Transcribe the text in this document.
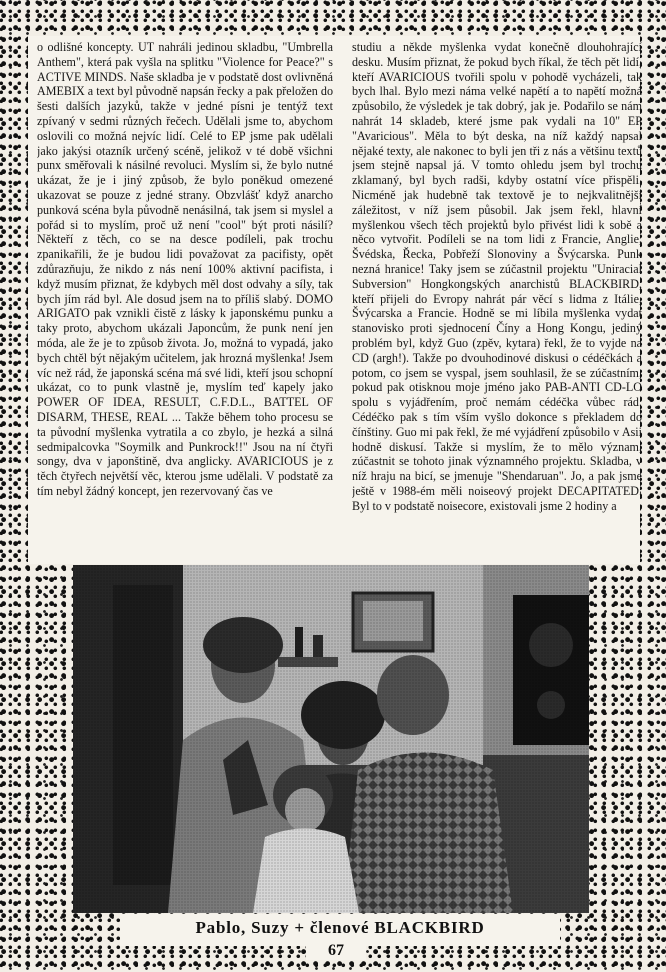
o odlišné koncepty. UT nahráli jedinou skladbu, "Umbrella Anthem", která pak vyšla na splitku "Violence for Peace?" s ACTIVE MINDS. Naše skladba je v podstatě dost ovlivněná AMEBIX a text byl původně napsán řecky a pak přeložen do šesti dalších jazyků, takže v jedné písni je tentýž text zpívaný v sedmi různých řečech. Udělali jsme to, abychom oslovili co možná nejvíc lidí. Celé to EP jsme pak udělali jako jakýsi otazník určený scéně, jelikož v té době všichni punx směřovali k násilné revoluci. Myslím si, že bylo nutné ukázat, že je i jiný způsob, že bylo poněkud omezené ukazovat se pouze z jedné strany. Obzvlášť když anarcho punková scéna byla původně nenásilná, tak jsem si myslel a pořád si to myslím, proč už není "cool" být proti násilí? Někteří z těch, co se na desce podíleli, pak trochu zpanikařili, že je budou lidi považovat za pacifisty, opět zdůrazňuju, že nikdo z nás není 100% aktivní pacifista, i když musím přiznat, že kdybych měl dost odvahy a síly, tak bych jím rád byl. Ale dosud jsem na to příliš slabý. DOMO ARIGATO pak vznikli čistě z lásky k japonskému punku a taky proto, abychom ukázali Japoncům, že punk není jen móda, ale že je to způsob života. Jo, možná to vypadá, jako bych chtěl být nějakým učitelem, jak hrozná myšlenka! Jsem víc než rád, že japonská scéna má své lidi, kteří jsou schopní ukázat, co to punk vlastně je, myslím teď kapely jako POWER OF IDEA, RESULT, C.F.D.L., BATTEL OF DISARM, THESE, REAL ... Takže během toho procesu se ta původní myšlenka vytratila a co zbylo, je hezká a silná sedmipalcovka "Soymilk and Punkrock!!" Jsou na ní čtyři songy, dva v japonštině, dva anglicky. AVARICIOUS je z těch čtyřech největší věc, kterou jsme udělali. V podstatě za tím nebyl žádný koncept, jen rezervovaný čas ve
studiu a někde myšlenka vydat konečně dlouhohrající desku. Musím přiznat, že pokud bych říkal, že těch pět lidí, kteří AVARICIOUS tvořili spolu v pohodě vycházeli, tak bych lhal. Bylo mezi náma velké napětí a to napětí možná způsobilo, že výsledek je tak dobrý, jak je. Podařilo se nám nahrát 14 skladeb, které jsme pak vydali na 10" EP "Avaricious". Měla to být deska, na níž každý napsal nějaké texty, ale nakonec to byli jen tři z nás a většinu textů jsem stejně napsal já. V tomto ohledu jsem byl trochu zklamaný, byl bych radši, kdyby ostatní více přispěli. Nicméně jak hudebně tak textově je to nejkvalitnější záležitost, v níž jsem působil. Jak jsem řekl, hlavní myšlenkou všech těch projektů bylo přivést lidi k sobě a něco vytvořit. Podíleli se na tom lidi z Francie, Anglie, Švédska, Řecka, Pobřeží Slonoviny a Švýcarska. Punk nezná hranice! Taky jsem se zúčastnil projektu "Uniracial Subversion" Hongkongských anarchistů BLACKBIRD, kteří přijeli do Evropy nahrát pár věcí s lidma z Itálie, Švýcarska a Francie. Hodně se mi líbila myšlenka vydat stanovisko proti sjednocení Číny a Hong Kongu, jediný problém byl, když Guo (zpěv, kytara) řekl, že to vyjde na CD (argh!). Takže po dvouhodinové diskusi o cédéčkách a potom, co jsem se vyspal, jsem souhlasil, že se zúčastním, pokud pak otisknou moje jméno jako PAB-ANTI CD-LO spolu s vyjádřením, proč nemám cédéčka vůbec rád. Cédéčko pak s tím vším vyšlo dokonce s překladem do čínštiny. Guo mi pak řekl, že mé vyjádření způsobilo v Asii hodně diskusí. Takže si myslím, že to mělo význam, zúčastnit se tohoto jinak významného projektu. Skladba, v níž hraju na bicí, se jmenuje "Shendaruan". Jo, a pak jsme ještě v 1988-ém měli noiseový projekt DECAPITATED. Byl to v podstatě noisecore, existovali jsme 2 hodiny a
Pablo, Suzy + členové BLACKBIRD
67
